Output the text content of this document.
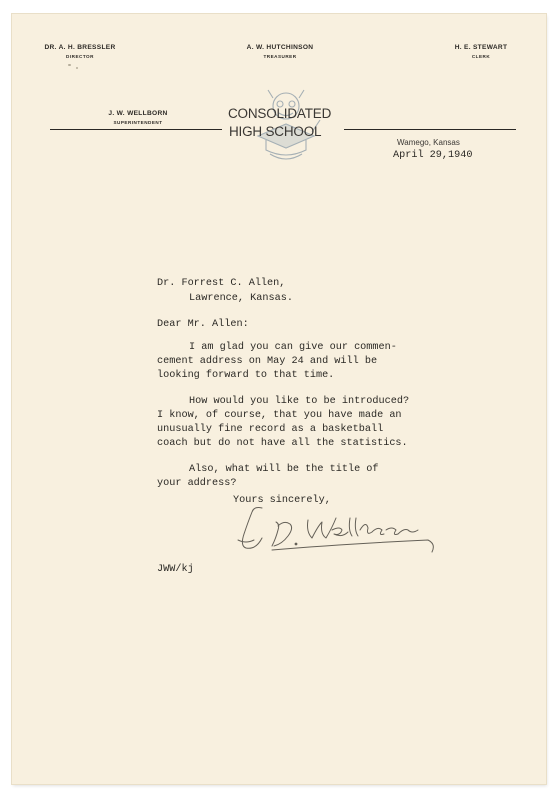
DR. A. H. BRESSLER
DIRECTOR
A. W. HUTCHINSON
TREASURER
H. E. STEWART
CLERK
J. W. WELLBORN
SUPERINTENDENT
CONSOLIDATED
HIGH SCHOOL
Wamego, Kansas
April 29,1940
Dr. Forrest C. Allen,
Lawrence, Kansas.
Dear Mr. Allen:
I am glad you can give our commen-
cement address on May 24 and will be
looking forward to that time.
How would you like to be introduced?
I know, of course, that you have made an
unusually fine record as a basketball
coach but do not have all the statistics.
Also, what will be the title of
your address?
Yours sincerely,
JWW/kj
